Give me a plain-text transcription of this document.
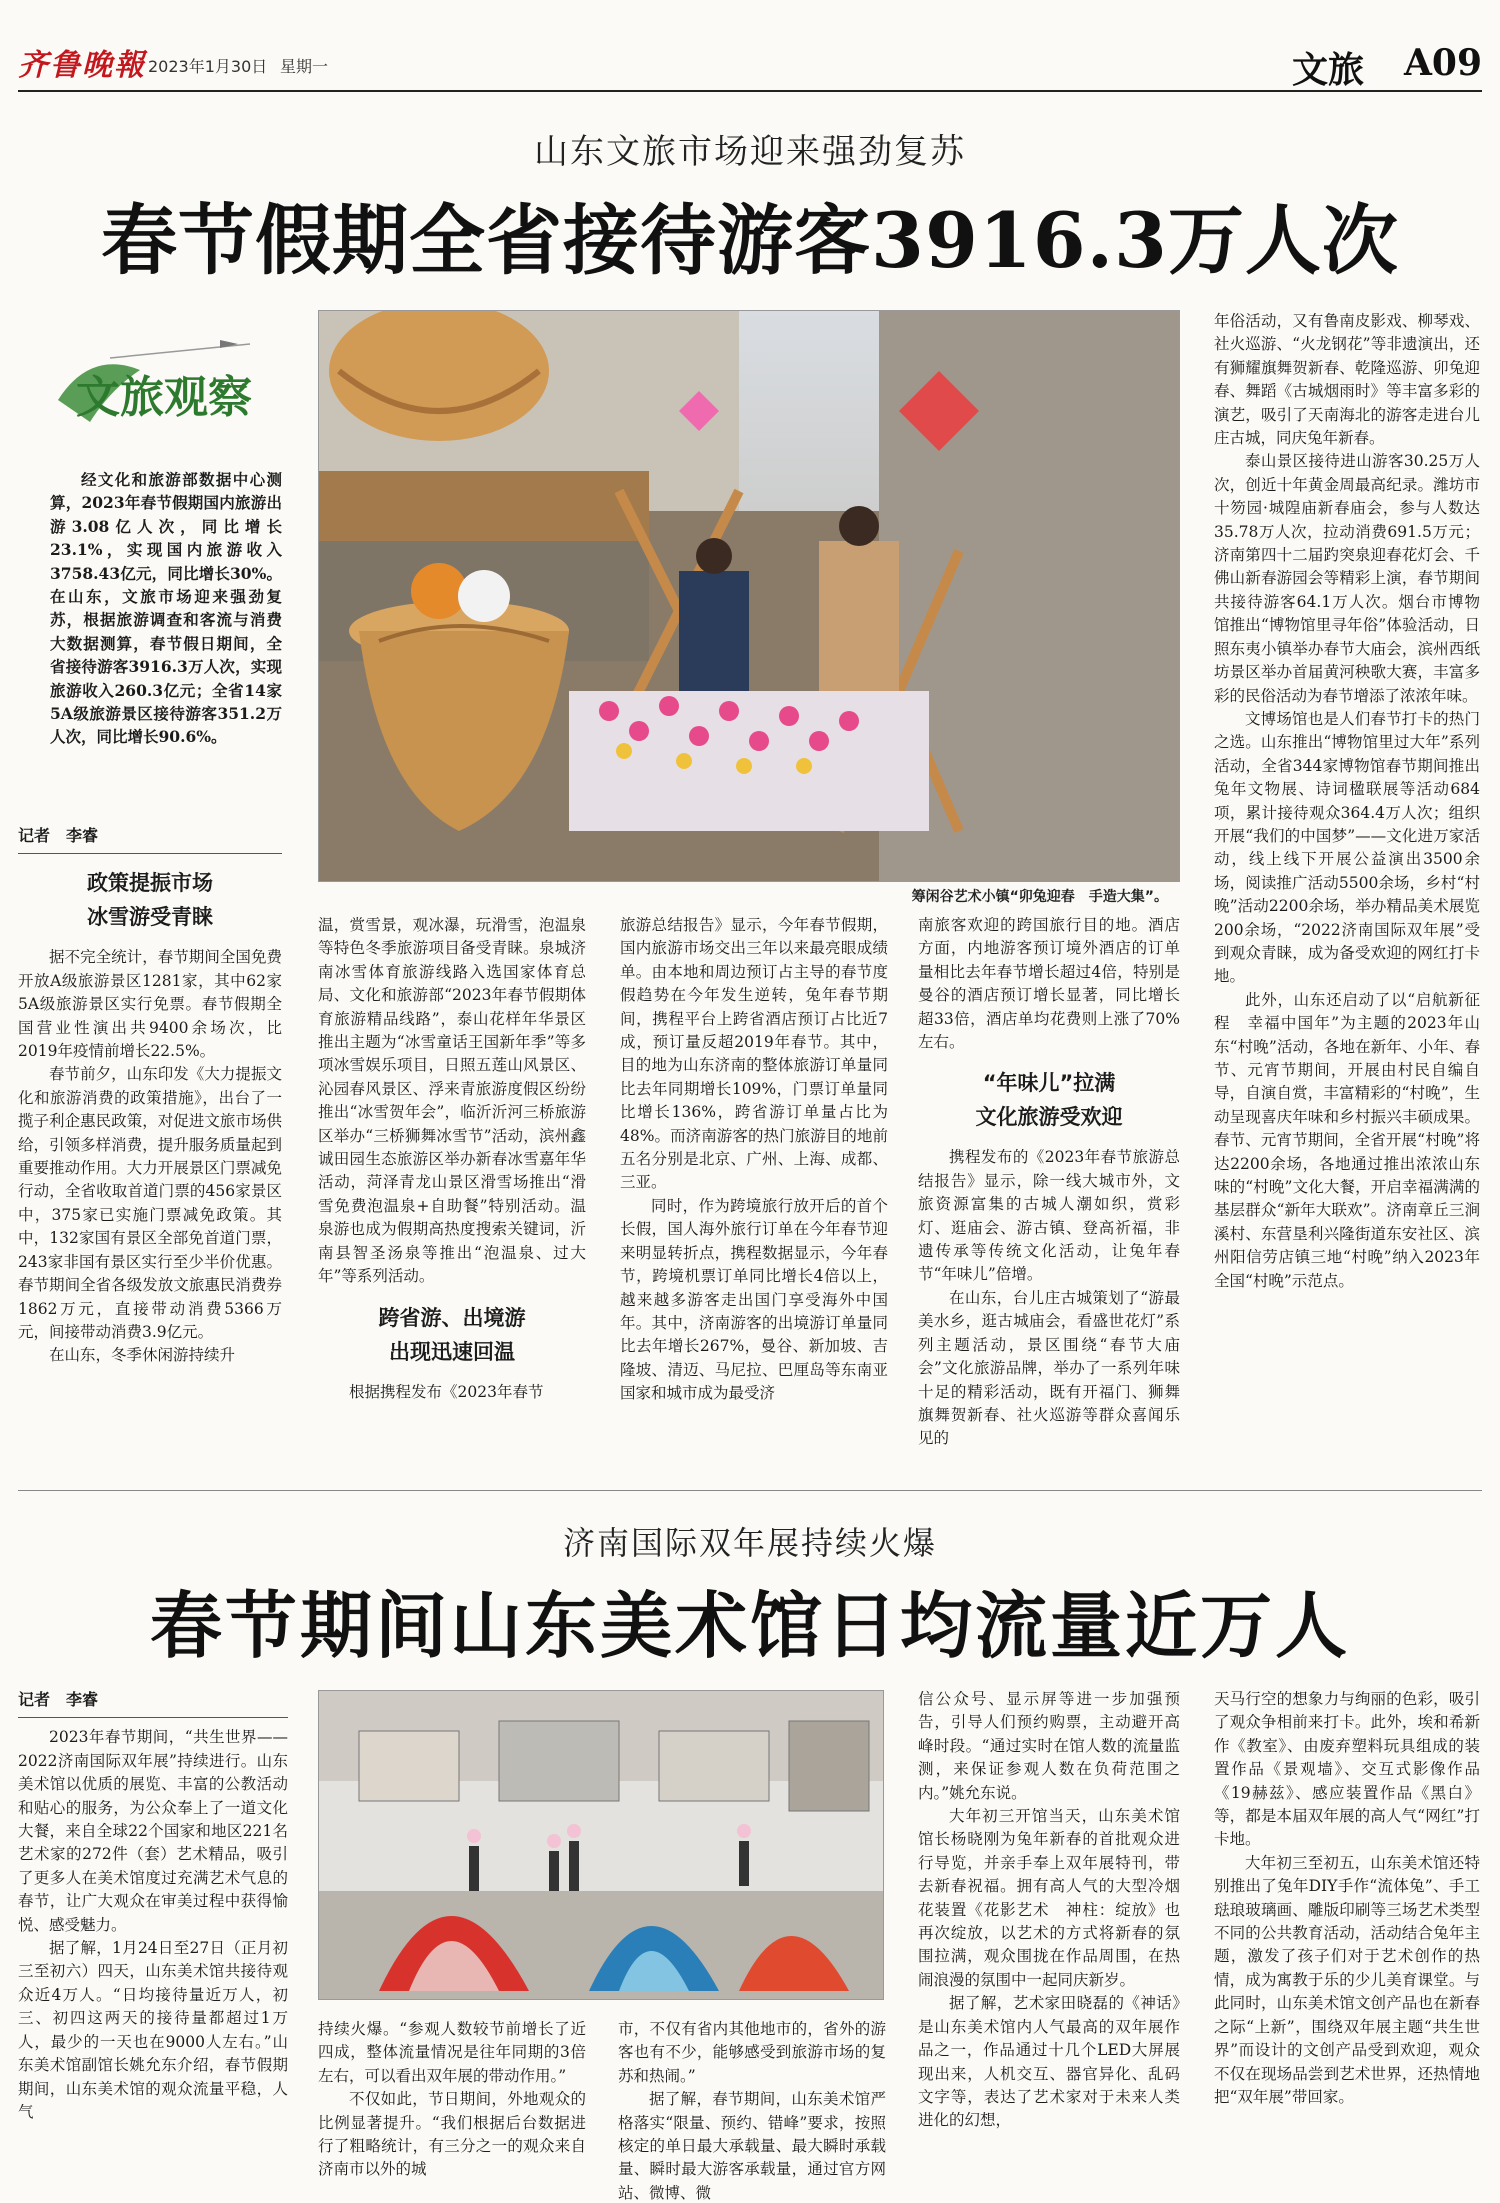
齐鲁晚報 2023年1月30日 星期一	文旅 A09
山东文旅市场迎来强劲复苏
春节假期全省接待游客3916.3万人次
文旅观察

经文化和旅游部数据中心测算，2023年春节假期国内旅游出游3.08亿人次，同比增长23.1%，实现国内旅游收入3758.43亿元，同比增长30%。在山东，文旅市场迎来强劲复苏，根据旅游调查和客流与消费大数据测算，春节假日期间，全省接待游客3916.3万人次，实现旅游收入260.3亿元；全省14家5A级旅游景区接待游客351.2万人次，同比增长90.6%。

记者　李睿
政策提振市场
冰雪游受青睐

据不完全统计，春节期间全国免费开放A级旅游景区1281家，其中62家5A级旅游景区实行免票。春节假期全国营业性演出共9400余场次，比2019年疫情前增长22.5%。

春节前夕，山东印发《大力提振文化和旅游消费的政策措施》，出台了一揽子利企惠民政策，对促进文旅市场供给，引领多样消费，提升服务质量起到重要推动作用。大力开展景区门票减免行动，全省收取首道门票的456家景区中，375家已实施门票减免政策。其中，132家国有景区全部免首道门票，243家非国有景区实行至少半价优惠。春节期间全省各级发放文旅惠民消费券1862万元，直接带动消费5366万元，间接带动消费3.9亿元。

在山东，冬季休闲游持续升

筹闲谷艺术小镇“卯兔迎春　手造大集”。

温，赏雪景，观冰瀑，玩滑雪，泡温泉等特色冬季旅游项目备受青睐。泉城济南冰雪体育旅游线路入选国家体育总局、文化和旅游部“2023年春节假期体育旅游精品线路”，泰山花样年华景区推出主题为“冰雪童话王国新年季”等多项冰雪娱乐项目，日照五莲山风景区、沁园春风景区、浮来青旅游度假区纷纷推出“冰雪贺年会”，临沂沂河三桥旅游区举办“三桥狮舞冰雪节”活动，滨州鑫诚田园生态旅游区举办新春冰雪嘉年华活动，菏泽青龙山景区滑雪场推出“滑雪免费泡温泉+自助餐”特别活动。温泉游也成为假期高热度搜索关键词，沂南县智圣汤泉等推出“泡温泉、过大年”等系列活动。

跨省游、出境游
出现迅速回温

根据携程发布《2023年春节

旅游总结报告》显示，今年春节假期，国内旅游市场交出三年以来最亮眼成绩单。由本地和周边预订占主导的春节度假趋势在今年发生逆转，兔年春节期间，携程平台上跨省酒店预订占比近7成，预订量反超2019年春节。其中，目的地为山东济南的整体旅游订单量同比去年同期增长109%，门票订单量同比增长136%，跨省游订单量占比为48%。而济南游客的热门旅游目的地前五名分别是北京、广州、上海、成都、三亚。

同时，作为跨境旅行放开后的首个长假，国人海外旅行订单在今年春节迎来明显转折点，携程数据显示，今年春节，跨境机票订单同比增长4倍以上，越来越多游客走出国门享受海外中国年。其中，济南游客的出境游订单量同比去年增长267%，曼谷、新加坡、吉隆坡、清迈、马尼拉、巴厘岛等东南亚国家和城市成为最受济

南旅客欢迎的跨国旅行目的地。酒店方面，内地游客预订境外酒店的订单量相比去年春节增长超过4倍，特别是曼谷的酒店预订增长显著，同比增长超33倍，酒店单均花费则上涨了70%左右。

“年味儿”拉满
文化旅游受欢迎

携程发布的《2023年春节旅游总结报告》显示，除一线大城市外，文旅资源富集的古城人潮如织，赏彩灯、逛庙会、游古镇、登高祈福，非遗传承等传统文化活动，让兔年春节“年味儿”倍增。

在山东，台儿庄古城策划了“游最美水乡，逛古城庙会，看盛世花灯”系列主题活动，景区围绕“春节大庙会”文化旅游品牌，举办了一系列年味十足的精彩活动，既有开福门、狮舞旗舞贺新春、社火巡游等群众喜闻乐见的

年俗活动，又有鲁南皮影戏、柳琴戏、社火巡游、“火龙钢花”等非遗演出，还有狮耀旗舞贺新春、乾隆巡游、卯兔迎春、舞蹈《古城烟雨时》等丰富多彩的演艺，吸引了天南海北的游客走进台儿庄古城，同庆兔年新春。

泰山景区接待进山游客30.25万人次，创近十年黄金周最高纪录。潍坊市十笏园·城隍庙新春庙会，参与人数达35.78万人次，拉动消费691.5万元；济南第四十二届趵突泉迎春花灯会、千佛山新春游园会等精彩上演，春节期间共接待游客64.1万人次。烟台市博物馆推出“博物馆里寻年俗”体验活动，日照东夷小镇举办春节大庙会，滨州西纸坊景区举办首届黄河秧歌大赛，丰富多彩的民俗活动为春节增添了浓浓年味。

文博场馆也是人们春节打卡的热门之选。山东推出“博物馆里过大年”系列活动，全省344家博物馆春节期间推出兔年文物展、诗词楹联展等活动684项，累计接待观众364.4万人次；组织开展“我们的中国梦”——文化进万家活动，线上线下开展公益演出3500余场，阅读推广活动5500余场，乡村“村晚”活动2200余场，举办精品美术展览200余场，“2022济南国际双年展”受到观众青睐，成为备受欢迎的网红打卡地。

此外，山东还启动了以“启航新征程　幸福中国年”为主题的2023年山东“村晚”活动，各地在新年、小年、春节、元宵节期间，开展由村民自编自导，自演自赏，丰富精彩的“村晚”，生动呈现喜庆年味和乡村振兴丰硕成果。春节、元宵节期间，全省开展“村晚”将达2200余场，各地通过推出浓浓山东味的“村晚”文化大餐，开启幸福满满的基层群众“新年大联欢”。济南章丘三涧溪村、东营垦利兴隆街道东安社区、滨州阳信劳店镇三地“村晚”纳入2023年全国“村晚”示范点。

济南国际双年展持续火爆
春节期间山东美术馆日均流量近万人
记者　李睿

2023年春节期间，“共生世界——2022济南国际双年展”持续进行。山东美术馆以优质的展览、丰富的公教活动和贴心的服务，为公众奉上了一道文化大餐，来自全球22个国家和地区221名艺术家的272件（套）艺术精品，吸引了更多人在美术馆度过充满艺术气息的春节，让广大观众在审美过程中获得愉悦、感受魅力。

据了解，1月24日至27日（正月初三至初六）四天，山东美术馆共接待观众近4万人。“日均接待量近万人，初三、初四这两天的接待量都超过1万人，最少的一天也在9000人左右。”山东美术馆副馆长姚允东介绍，春节假期期间，山东美术馆的观众流量平稳，人气

持续火爆。“参观人数较节前增长了近四成，整体流量情况是往年同期的3倍左右，可以看出双年展的带动作用。”

不仅如此，节日期间，外地观众的比例显著提升。“我们根据后台数据进行了粗略统计，有三分之一的观众来自济南市以外的城

市，不仅有省内其他地市的，省外的游客也有不少，能够感受到旅游市场的复苏和热闹。”

据了解，春节期间，山东美术馆严格落实“限量、预约、错峰”要求，按照核定的单日最大承载量、最大瞬时承载量、瞬时最大游客承载量，通过官方网站、微博、微

信公众号、显示屏等进一步加强预告，引导人们预约购票，主动避开高峰时段。“通过实时在馆人数的流量监测，来保证参观人数在负荷范围之内。”姚允东说。

大年初三开馆当天，山东美术馆馆长杨晓刚为兔年新春的首批观众进行导览，并亲手奉上双年展特刊，带去新春祝福。拥有高人气的大型冷烟花装置《花影艺术　神柱：绽放》也再次绽放，以艺术的方式将新春的氛围拉满，观众围拢在作品周围，在热闹浪漫的氛围中一起同庆新岁。

据了解，艺术家田晓磊的《神话》是山东美术馆内人气最高的双年展作品之一，作品通过十几个LED大屏展现出来，人机交互、器官异化、乱码文字等，表达了艺术家对于未来人类进化的幻想，

天马行空的想象力与绚丽的色彩，吸引了观众争相前来打卡。此外，埃和希新作《教室》、由废弃塑料玩具组成的装置作品《景观墙》、交互式影像作品《19赫兹》、感应装置作品《黑白》等，都是本届双年展的高人气“网红”打卡地。

大年初三至初五，山东美术馆还特别推出了兔年DIY手作“流体兔”、手工琺琅玻璃画、雕版印刷等三场艺术类型不同的公共教育活动，活动结合兔年主题，激发了孩子们对于艺术创作的热情，成为寓教于乐的少儿美育课堂。与此同时，山东美术馆文创产品也在新春之际“上新”，围绕双年展主题“共生世界”而设计的文创产品受到欢迎，观众不仅在现场品尝到艺术世界，还热情地把“双年展”带回家。
